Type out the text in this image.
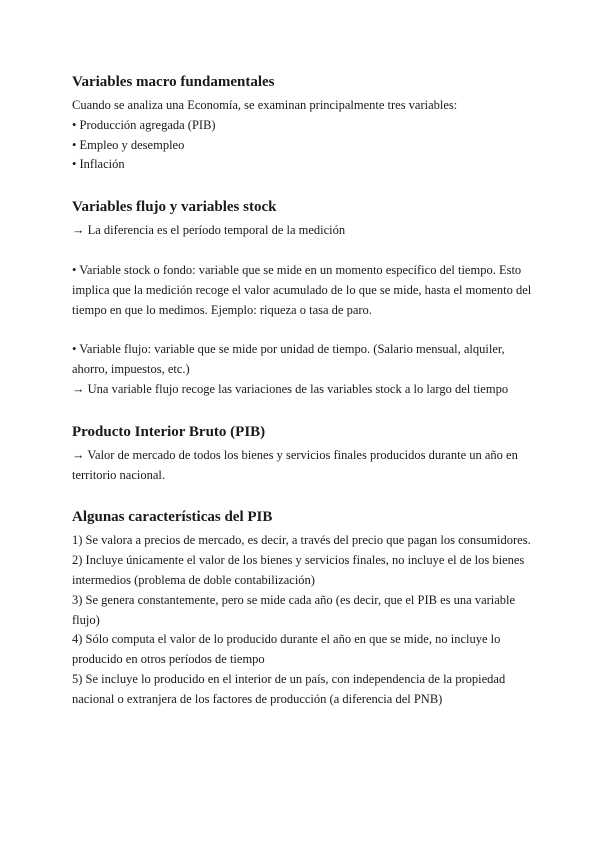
Variables macro fundamentales

Cuando se analiza una Economía, se examinan principalmente tres variables:

• Producción agregada (PIB)

• Empleo y desempleo

• Inflación

Variables flujo y variables stock

→ La diferencia es el período temporal de la medición

• Variable stock o fondo: variable que se mide en un momento específico del tiempo. Esto

implica que la medición recoge el valor acumulado de lo que se mide, hasta el momento del

tiempo en que lo medimos. Ejemplo: riqueza o tasa de paro.

• Variable flujo: variable que se mide por unidad de tiempo. (Salario mensual, alquiler,

ahorro, impuestos, etc.)

→ Una variable flujo recoge las variaciones de las variables stock a lo largo del tiempo

Producto Interior Bruto (PIB)

→ Valor de mercado de todos los bienes y servicios finales producidos durante un año en

territorio nacional.

Algunas características del PIB

1) Se valora a precios de mercado, es decir, a través del precio que pagan los consumidores.

2) Incluye únicamente el valor de los bienes y servicios finales, no incluye el de los bienes

intermedios (problema de doble contabilización)

3) Se genera constantemente, pero se mide cada año (es decir, que el PIB es una variable

flujo)

4) Sólo computa el valor de lo producido durante el año en que se mide, no incluye lo

producido en otros períodos de tiempo

5) Se incluye lo producido en el interior de un país, con independencia de la propiedad

nacional o extranjera de los factores de producción (a diferencia del PNB)
